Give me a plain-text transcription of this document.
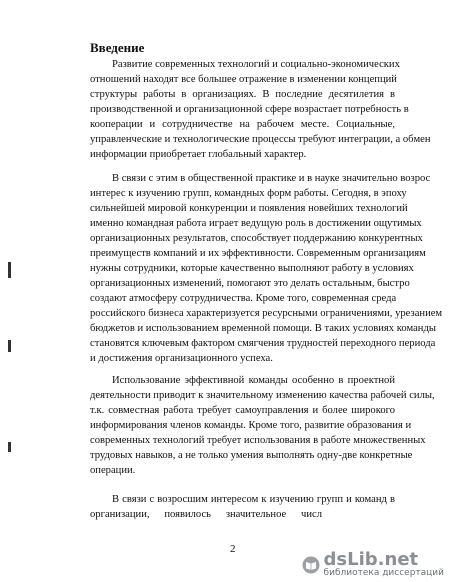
Введение
Развитие современных технологий и социально-экономических
отношений находят все большее отражение в изменении концепций
структуры работы в организациях. В последние десятилетия в
производственной и организационной сфере возрастает потребность в
кооперации и сотрудничестве на рабочем месте. Социальные,
управленческие и технологические процессы требуют интеграции, а обмен
информации приобретает глобальный характер.
В связи с этим в общественной практике и в науке значительно возрос
интерес к изучению групп, командных форм работы. Сегодня, в эпоху
сильнейшей мировой конкуренции и появления новейших технологий
именно командная работа играет ведущую роль в достижении ощутимых
организационных результатов, способствует поддержанию конкурентных
преимуществ компаний и их эффективности. Современным организациям
нужны сотрудники, которые качественно выполняют работу в условиях
организационных изменений, помогают это делать остальным, быстро
создают атмосферу сотрудничества. Кроме того, современная среда
российского бизнеса характеризуется ресурсными ограничениями, урезанием
бюджетов и использованием временной помощи. В таких условиях команды
становятся ключевым фактором смягчения трудностей переходного периода
и достижения организационного успеха.
Использование эффективной команды особенно в проектной
деятельности приводит к значительному изменению качества рабочей силы,
т.к. совместная работа требует самоуправления и более широкого
информирования членов команды. Кроме того, развитие образования и
современных технологий требует использования в работе множественных
трудовых навыков, а не только умения выполнять одну-две конкретные
операции.
В связи с возросшим интересом к изучению групп и команд в
организации, появилось значительное числ
2	dsLib.net
библиотека диссертаций
